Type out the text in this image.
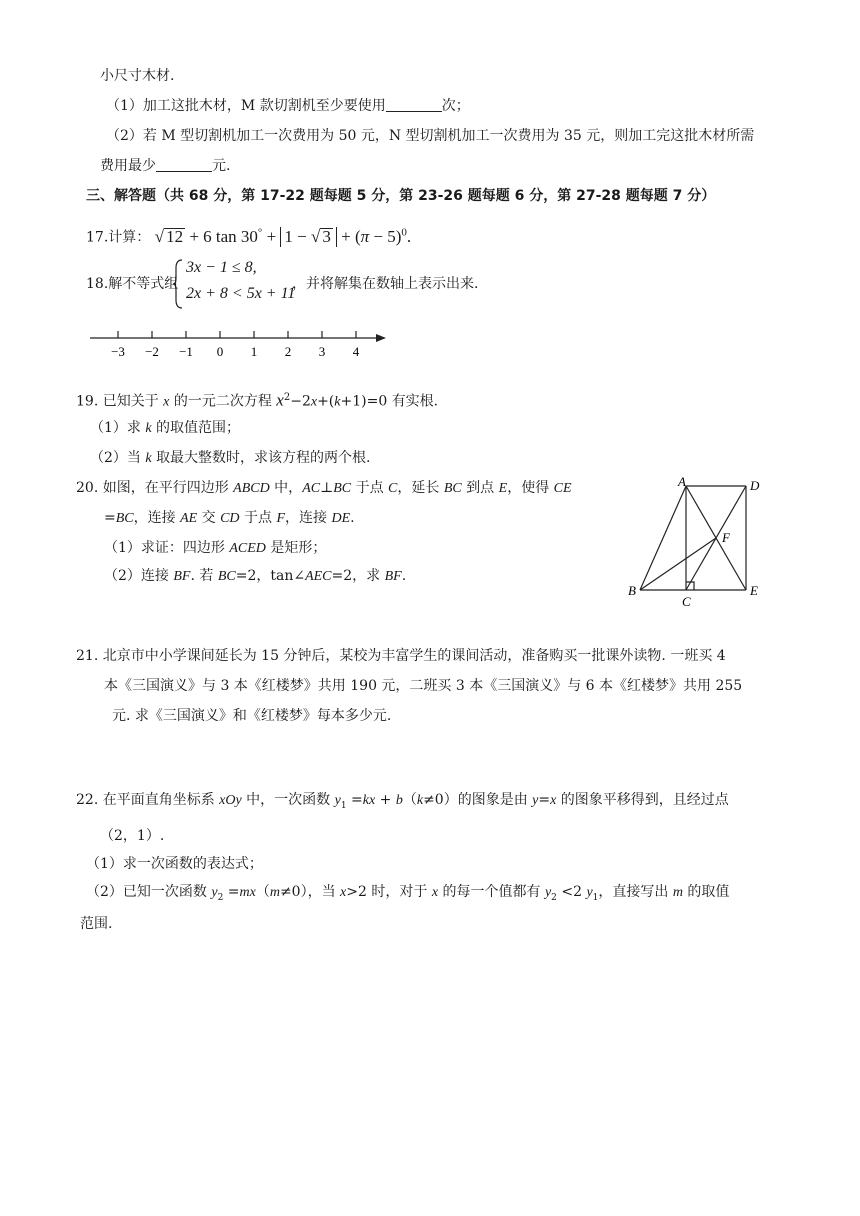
小尺寸木材.
（1）加工这批木材，M 款切割机至少要使用	次；
（2）若 M 型切割机加工一次费用为 50 元，N 型切割机加工一次费用为 35 元，则加工完这批木材所需
费用最少	元.
三、解答题（共 68 分，第 17-22 题每题 5 分，第 23-26 题每题 6 分，第 27-28 题每题 7 分）
17.计算： √ 12 + 6 tan 30° + 1 − √ $3 + (\pi - 5)^0$.
18.解不等式组
3x − 1 ≤ 8,
2x + 8 < 5x + 11
，并将解集在数轴上表示出来.
−3 −2 −1 0 1 2 3 4
19. 已知关于 x 的一元二次方程 $x^2-2x+(k+1)=0$ 有实根.
（1）求 k 的取值范围；
（2）当 k 取最大整数时，求该方程的两个根.
20. 如图，在平行四边形 ABCD 中，AC⊥BC 于点 C，延长 BC 到点 E，使得 CE
=BC，连接 AE 交 CD 于点 F，连接 DE.
（1）求证：四边形 ACED 是矩形；
（2）连接 BF. 若 BC=2，tan∠AEC=2，求 BF.
A	D
F
B
C
E
21. 北京市中小学课间延长为 15 分钟后，某校为丰富学生的课间活动，准备购买一批课外读物. 一班买 4
本《三国演义》与 3 本《红楼梦》共用 190 元，二班买 3 本《三国演义》与 6 本《红楼梦》共用 255
元. 求《三国演义》和《红楼梦》每本多少元.
22. 在平面直角坐标系 xOy 中，一次函数 $y_1 =kx + b(k\ne 0)$的图象是由 y=x 的图象平移得到，且经过点
（2，1）.
（1）求一次函数的表达式；
（2）已知一次函数 $y_2 =mx(m\ne 0)$，当 x>2 时，对于 x 的每一个值都有 $y_2 <2$ $y_1$，直接写出 m 的取值
范围.
